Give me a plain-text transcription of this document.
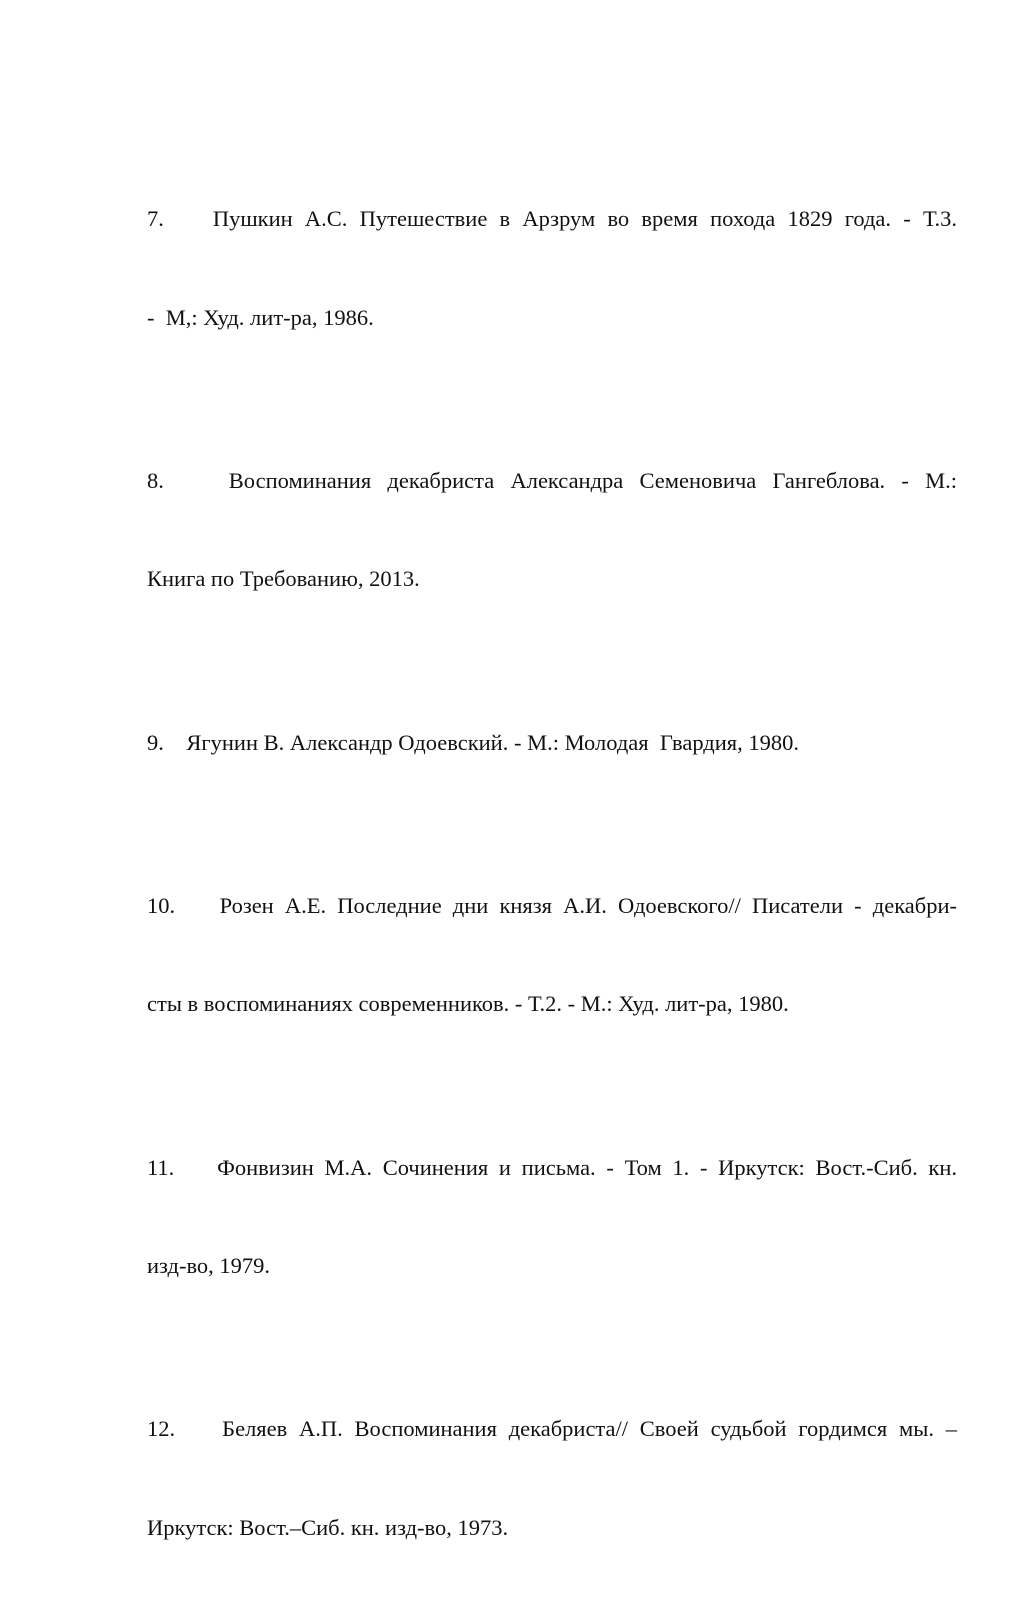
7. Пушкин А.С. Путешествие в Арзрум во время похода 1829 года. - Т.3.

-  М,: Худ. лит-ра, 1986.

8.	Воспоминания декабриста Александра Семеновича Гангеблова. - М.:

Книга по Требованию, 2013.

9. Ягунин В. Александр Одоевский. - М.: Молодая  Гвардия, 1980.

10. Розен А.Е. Последние дни князя А.И. Одоевского// Писатели - декабри-

сты в воспоминаниях современников. - Т.2. - М.: Худ. лит-ра, 1980.

11. Фонвизин М.А. Сочинения и письма. - Том 1. - Иркутск: Вост.-Сиб. кн.

изд-во, 1979.

12. Беляев А.П. Воспоминания декабриста// Своей судьбой гордимся мы. –

Иркутск: Вост.–Сиб. кн. изд-во, 1973.
